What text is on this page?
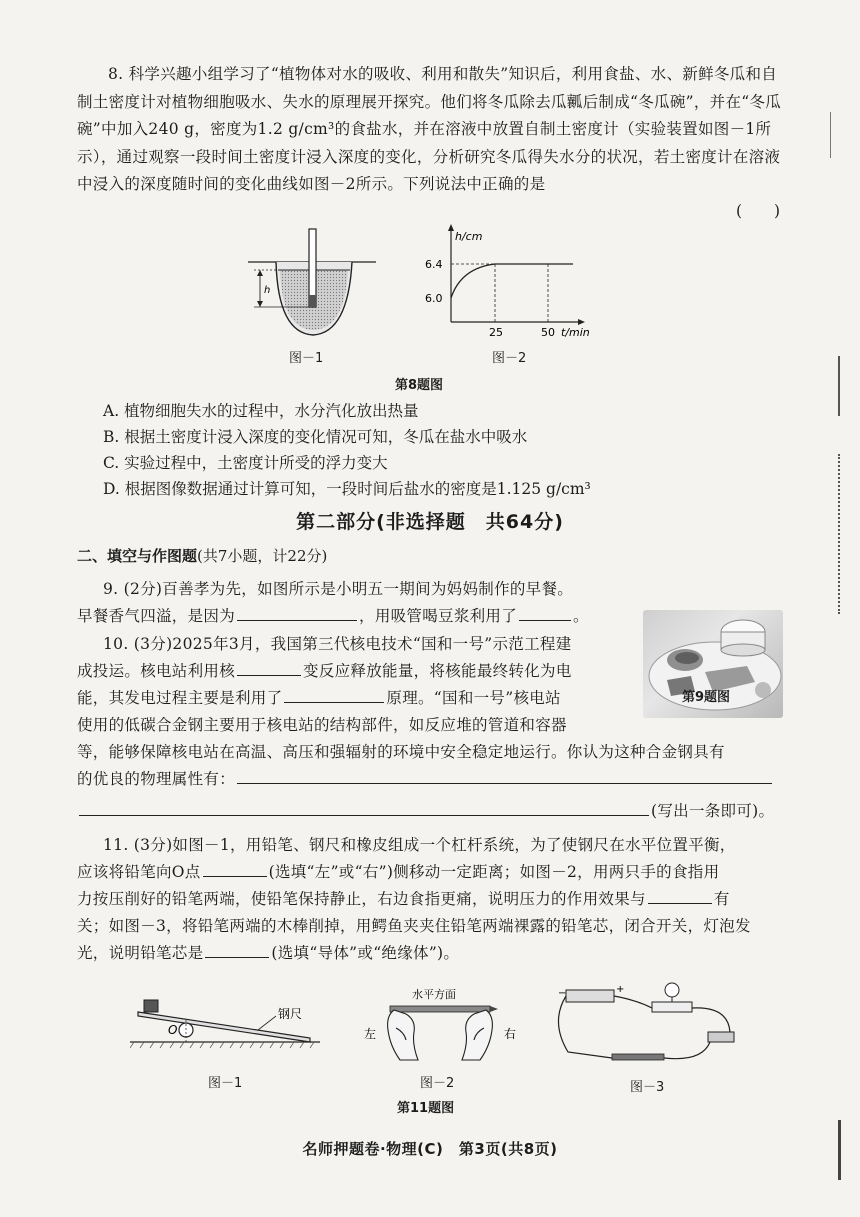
8. 科学兴趣小组学习了“植物体对水的吸收、利用和散失”知识后，利用食盐、水、新鲜冬瓜和自制土密度计对植物细胞吸水、失水的原理展开探究。他们将冬瓜除去瓜瓤后制成“冬瓜碗”，并在“冬瓜碗”中加入240 g，密度为1.2 g/cm³的食盐水，并在溶液中放置自制土密度计（实验装置如图－1所示），通过观察一段时间土密度计浸入深度的变化，分析研究冬瓜得失水分的状况，若土密度计在溶液中浸入的深度随时间的变化曲线如图－2所示。下列说法中正确的是
(　　)
h
图－1
h/cm
6.4
6.0
25	50 t/min
图－2
第8题图
A. 植物细胞失水的过程中，水分汽化放出热量
B. 根据土密度计浸入深度的变化情况可知，冬瓜在盐水中吸水
C. 实验过程中，土密度计所受的浮力变大
D. 根据图像数据通过计算可知，一段时间后盐水的密度是1.125 g/cm³
第二部分(非选择题　共64分)
二、填空与作图题(共7小题，计22分)
9. (2分)百善孝为先，如图所示是小明五一期间为妈妈制作的早餐。
早餐香气四溢，是因为	，用吸管喝豆浆利用了	。
第9题图
10. (3分)2025年3月，我国第三代核电技术“国和一号”示范工程建
成投运。核电站利用核	变反应释放能量，将核能最终转化为电
能，其发电过程主要是利用了	原理。“国和一号”核电站
使用的低碳合金钢主要用于核电站的结构部件，如反应堆的管道和容器
等，能够保障核电站在高温、高压和强辐射的环境中安全稳定地运行。你认为这种合金钢具有
的优良的物理属性有：
(写出一条即可)。
11. (3分)如图－1，用铅笔、钢尺和橡皮组成一个杠杆系统，为了使钢尺在水平位置平衡，
应该将铅笔向O点	(选填“左”或“右”)侧移动一定距离；如图－2，用两只手的食指用
力按压削好的铅笔两端，使铅笔保持静止，右边食指更痛，说明压力的作用效果与	有
关；如图－3，将铅笔两端的木棒削掉，用鳄鱼夹夹住铅笔两端裸露的铅笔芯，闭合开关，灯泡发
光，说明铅笔芯是	(选填“导体”或“绝缘体”)。
O
钢尺
图－1
水平方面
左	右
图－2
−	+
图－3
第11题图
名师押题卷·物理(C)　第3页(共8页)
